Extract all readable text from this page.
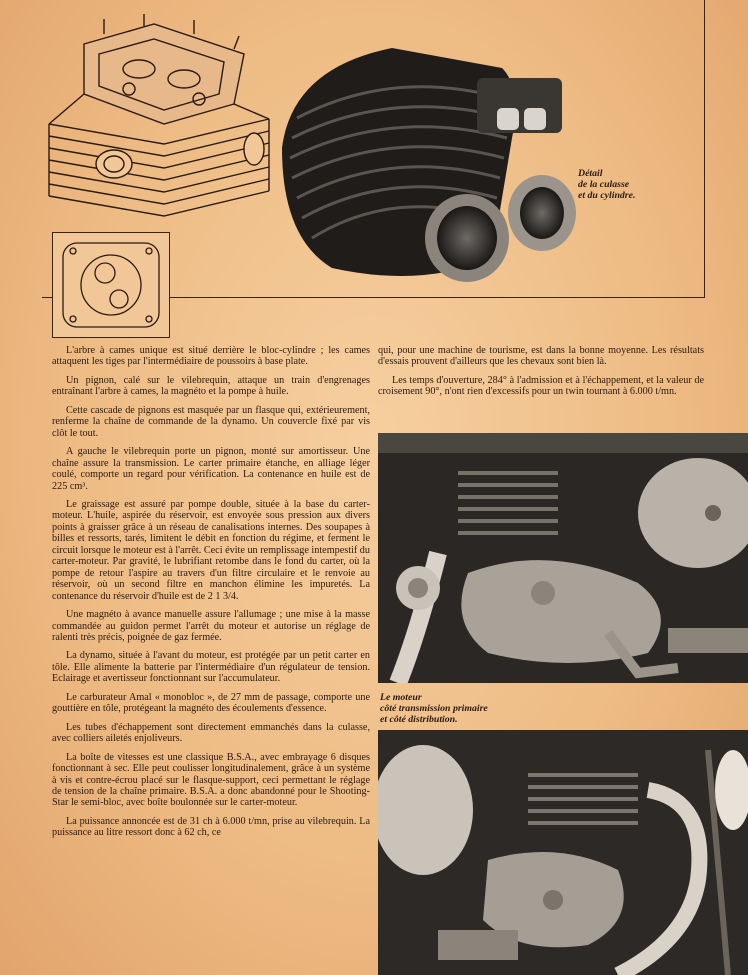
Détail
de la culasse
et du cylindre.

L'arbre à cames unique est situé derrière le bloc-cylindre ; les cames attaquent les tiges par l'intermédiaire de poussoirs à base plate.

Un pignon, calé sur le vilebrequin, attaque un train d'engrenages entraînant l'arbre à cames, la magnéto et la pompe à huile.

Cette cascade de pignons est masquée par un flasque qui, extérieurement, renferme la chaîne de commande de la dynamo. Un couvercle fixé par vis clôt le tout.

A gauche le vilebrequin porte un pignon, monté sur amortisseur. Une chaîne assure la transmission. Le carter primaire étanche, en alliage léger coulé, comporte un regard pour vérification. La contenance en huile est de 225 cm³.

Le graissage est assuré par pompe double, située à la base du carter-moteur. L'huile, aspirée du réservoir, est envoyée sous pression aux divers points à graisser grâce à un réseau de canalisations internes. Des soupapes à billes et ressorts, tarés, limitent le débit en fonction du régime, et ferment le circuit lorsque le moteur est à l'arrêt. Ceci évite un remplissage intempestif du carter-moteur. Par gravité, le lubrifiant retombe dans le fond du carter, où la pompe de retour l'aspire au travers d'un filtre circulaire et le renvoie au réservoir, où un second filtre en manchon élimine les impuretés. La contenance du réservoir d'huile est de 2 1 3/4.

Une magnéto à avance manuelle assure l'allumage ; une mise à la masse commandée au guidon permet l'arrêt du moteur et autorise un réglage de ralenti très précis, poignée de gaz fermée.

La dynamo, située à l'avant du moteur, est protégée par un petit carter en tôle. Elle alimente la batterie par l'intermédiaire d'un régulateur de tension. Eclairage et avertisseur fonctionnant sur l'accumulateur.

Le carburateur Amal « monobloc », de 27 mm de passage, comporte une gouttière en tôle, protégeant la magnéto des écoulements d'essence.

Les tubes d'échappement sont directement emmanchés dans la culasse, avec colliers ailetés enjoliveurs.

La boîte de vitesses est une classique B.S.A., avec embrayage 6 disques fonctionnant à sec. Elle peut coulisser longitudinalement, grâce à un système à vis et contre-écrou placé sur le flasque-support, ceci permettant le réglage de tension de la chaîne primaire. B.S.A. a donc abandonné pour le Shooting-Star le semi-bloc, avec boîte boulonnée sur le carter-moteur.

La puissance annoncée est de 31 ch à 6.000 t/mn, prise au vilebrequin. La puissance au litre ressort donc à 62 ch, ce

qui, pour une machine de tourisme, est dans la bonne moyenne. Les résultats d'essais prouvent d'ailleurs que les chevaux sont bien là.

Les temps d'ouverture, 284° à l'admission et à l'échappement, et la valeur de croisement 90°, n'ont rien d'excessifs pour un twin tournant à 6.000 t/mn.

Le moteur
côté transmission primaire
et côté distribution.
